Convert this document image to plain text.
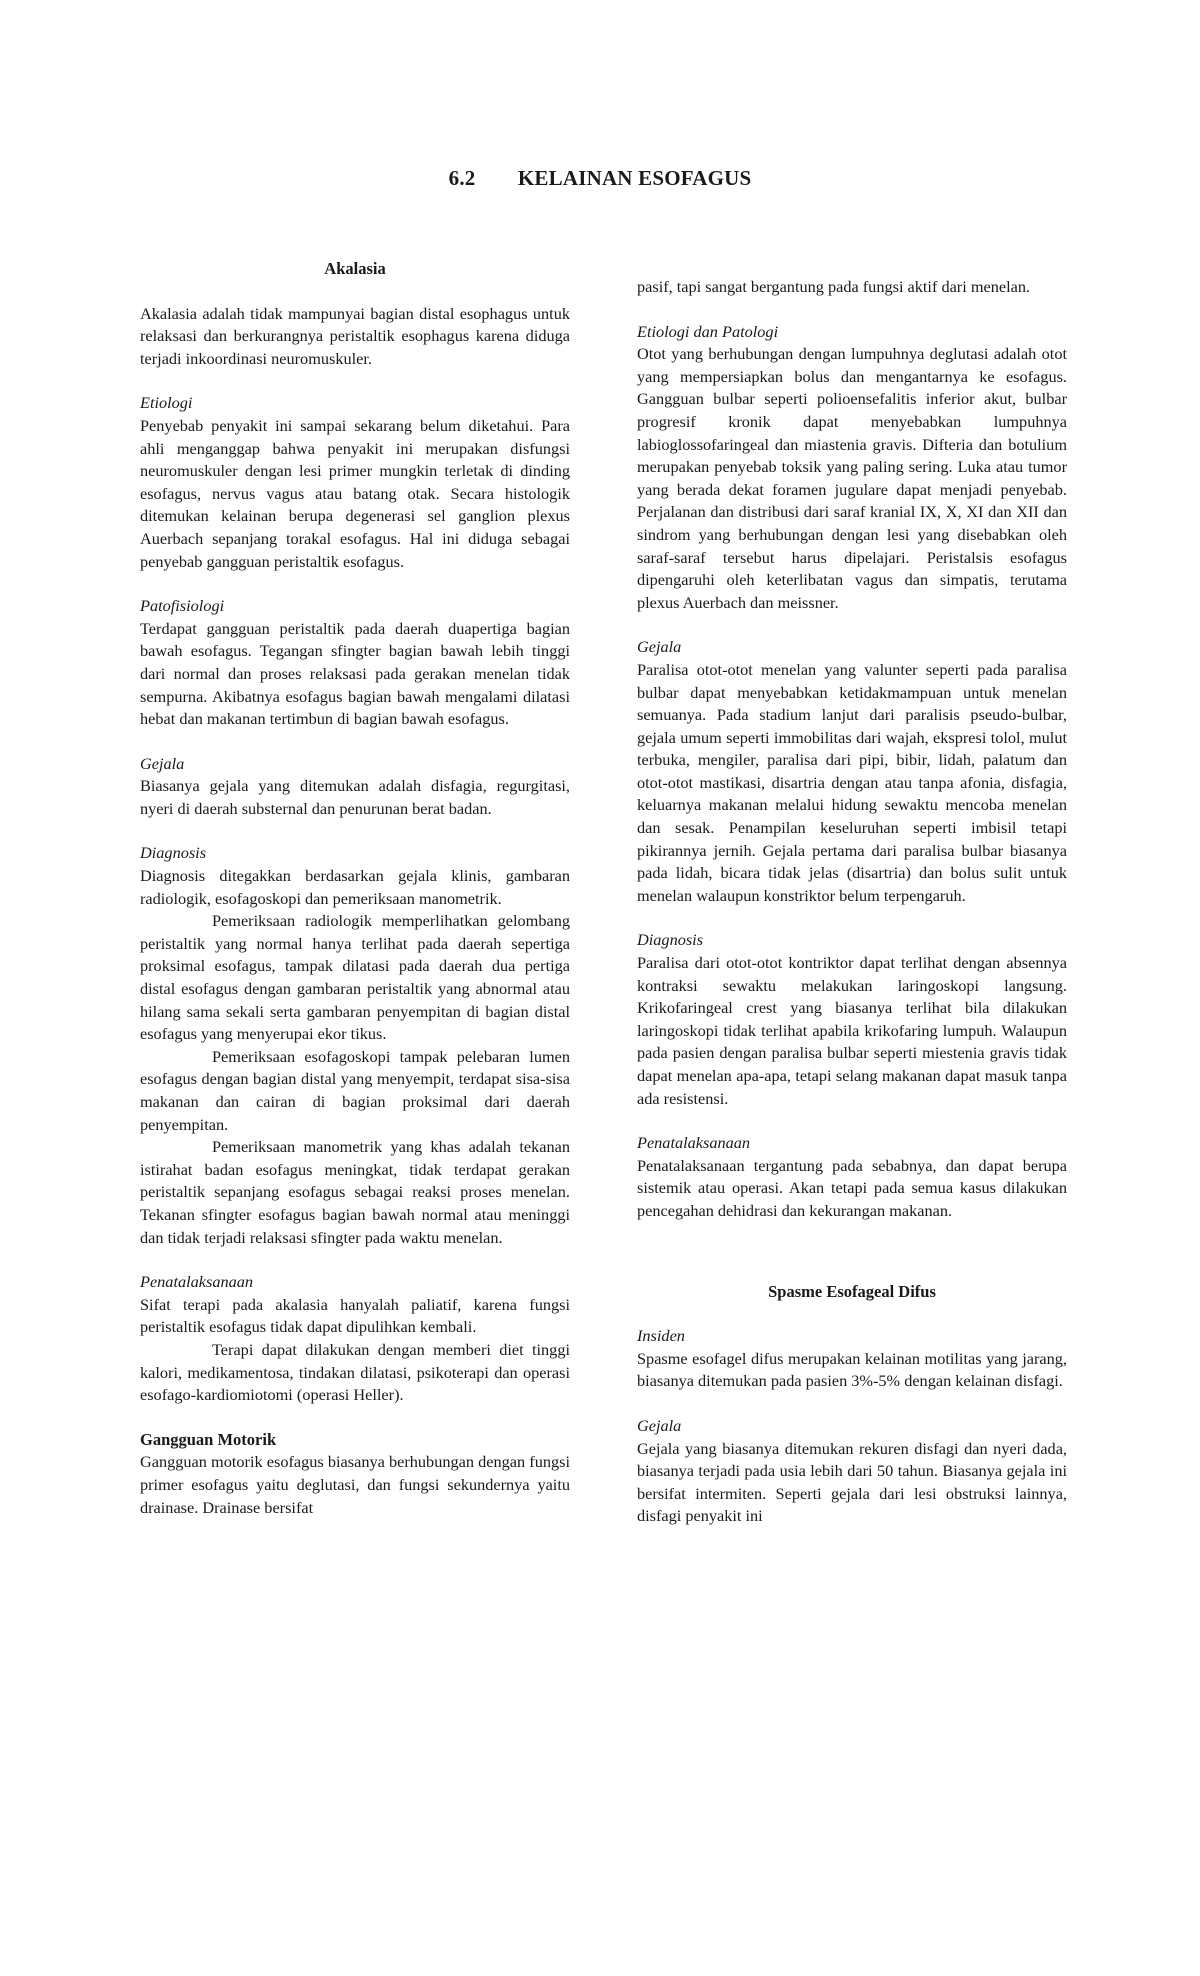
6.2  KELAINAN ESOFAGUS
Akalasia

Akalasia adalah tidak mampunyai bagian distal esophagus untuk relaksasi dan berkurangnya peristaltik esophagus karena diduga terjadi inkoordinasi neuromuskuler.

Etiologi

Penyebab penyakit ini sampai sekarang belum diketahui. Para ahli menganggap bahwa penyakit ini merupakan disfungsi neuromuskuler dengan lesi primer mungkin terletak di dinding esofagus, nervus vagus atau batang otak. Secara histologik ditemukan kelainan berupa degenerasi sel ganglion plexus Auerbach sepanjang torakal esofagus. Hal ini diduga sebagai penyebab gangguan peristaltik esofagus.

Patofisiologi

Terdapat gangguan peristaltik pada daerah duapertiga bagian bawah esofagus. Tegangan sfingter bagian bawah lebih tinggi dari normal dan proses relaksasi pada gerakan menelan tidak sempurna. Akibatnya esofagus bagian bawah mengalami dilatasi hebat dan makanan tertimbun di bagian bawah esofagus.

Gejala

Biasanya gejala yang ditemukan adalah disfagia, regurgitasi, nyeri di daerah substernal dan penurunan berat badan.

Diagnosis

Diagnosis ditegakkan berdasarkan gejala klinis, gambaran radiologik, esofagoskopi dan pemeriksaan manometrik.

Pemeriksaan radiologik memperlihatkan gelombang peristaltik yang normal hanya terlihat pada daerah sepertiga proksimal esofagus, tampak dilatasi pada daerah dua pertiga distal esofagus dengan gambaran peristaltik yang abnormal atau hilang sama sekali serta gambaran penyempitan di bagian distal esofagus yang menyerupai ekor tikus.

Pemeriksaan esofagoskopi tampak pelebaran lumen esofagus dengan bagian distal yang menyempit, terdapat sisa-sisa makanan dan cairan di bagian proksimal dari daerah penyempitan.

Pemeriksaan manometrik yang khas adalah tekanan istirahat badan esofagus meningkat, tidak terdapat gerakan peristaltik sepanjang esofagus sebagai reaksi proses menelan. Tekanan sfingter esofagus bagian bawah normal atau meninggi dan tidak terjadi relaksasi sfingter pada waktu menelan.

Penatalaksanaan

Sifat terapi pada akalasia hanyalah paliatif, karena fungsi peristaltik esofagus tidak dapat dipulihkan kembali.

Terapi dapat dilakukan dengan memberi diet tinggi kalori, medikamentosa, tindakan dilatasi, psikoterapi dan operasi esofago-kardiomiotomi (operasi Heller).

Gangguan Motorik

Gangguan motorik esofagus biasanya berhubungan dengan fungsi primer esofagus yaitu deglutasi, dan fungsi sekundernya yaitu drainase. Drainase bersifat

pasif, tapi sangat bergantung pada fungsi aktif dari menelan.

Etiologi dan Patologi

Otot yang berhubungan dengan lumpuhnya deglutasi adalah otot yang mempersiapkan bolus dan mengantarnya ke esofagus. Gangguan bulbar seperti polioensefalitis inferior akut, bulbar progresif kronik dapat menyebabkan lumpuhnya labioglossofaringeal dan miastenia gravis. Difteria dan botulium merupakan penyebab toksik yang paling sering. Luka atau tumor yang berada dekat foramen jugulare dapat menjadi penyebab. Perjalanan dan distribusi dari saraf kranial IX, X, XI dan XII dan sindrom yang berhubungan dengan lesi yang disebabkan oleh saraf-saraf tersebut harus dipelajari. Peristalsis esofagus dipengaruhi oleh keterlibatan vagus dan simpatis, terutama plexus Auerbach dan meissner.

Gejala

Paralisa otot-otot menelan yang valunter seperti pada paralisa bulbar dapat menyebabkan ketidakmampuan untuk menelan semuanya. Pada stadium lanjut dari paralisis pseudo-bulbar, gejala umum seperti immobilitas dari wajah, ekspresi tolol, mulut terbuka, mengiler, paralisa dari pipi, bibir, lidah, palatum dan otot-otot mastikasi, disartria dengan atau tanpa afonia, disfagia, keluarnya makanan melalui hidung sewaktu mencoba menelan dan sesak. Penampilan keseluruhan seperti imbisil tetapi pikirannya jernih. Gejala pertama dari paralisa bulbar biasanya pada lidah, bicara tidak jelas (disartria) dan bolus sulit untuk menelan walaupun konstriktor belum terpengaruh.

Diagnosis

Paralisa dari otot-otot kontriktor dapat terlihat dengan absennya kontraksi sewaktu melakukan laringoskopi langsung. Krikofaringeal crest yang biasanya terlihat bila dilakukan laringoskopi tidak terlihat apabila krikofaring lumpuh. Walaupun pada pasien dengan paralisa bulbar seperti miestenia gravis tidak dapat menelan apa-apa, tetapi selang makanan dapat masuk tanpa ada resistensi.

Penatalaksanaan

Penatalaksanaan tergantung pada sebabnya, dan dapat berupa sistemik atau operasi. Akan tetapi pada semua kasus dilakukan pencegahan dehidrasi dan kekurangan makanan.

Spasme Esofageal Difus

Insiden

Spasme esofagel difus merupakan kelainan motilitas yang jarang, biasanya ditemukan pada pasien 3%-5% dengan kelainan disfagi.

Gejala

Gejala yang biasanya ditemukan rekuren disfagi dan nyeri dada, biasanya terjadi pada usia lebih dari 50 tahun. Biasanya gejala ini bersifat intermiten. Seperti gejala dari lesi obstruksi lainnya, disfagi penyakit ini
